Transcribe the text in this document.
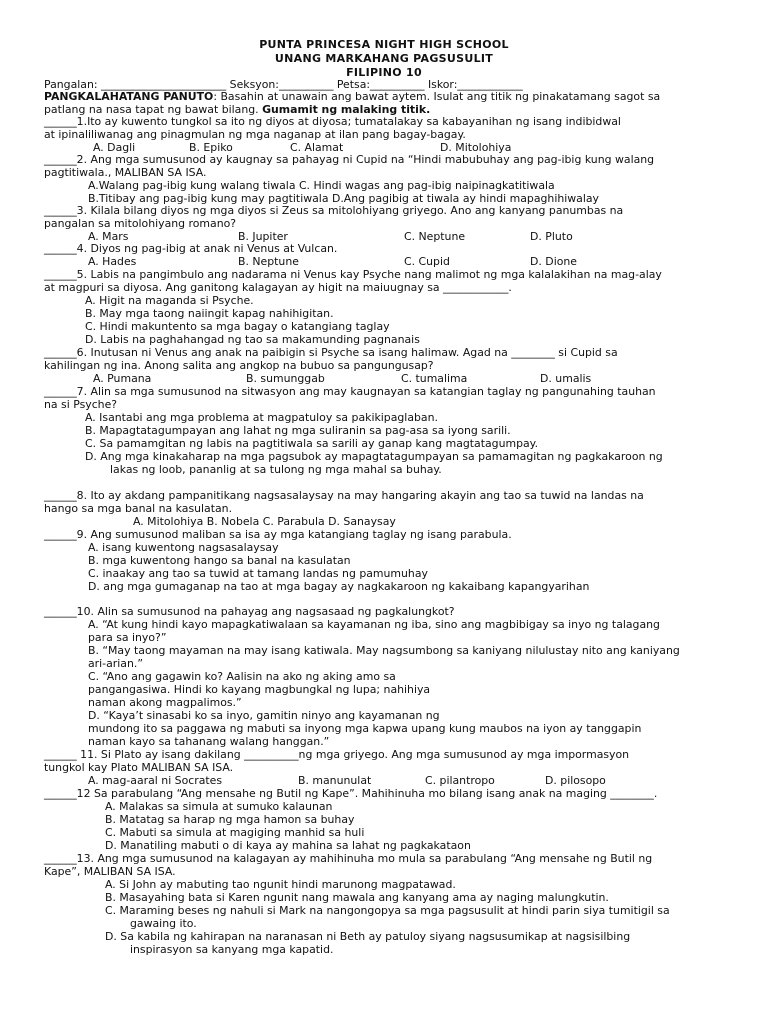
PUNTA PRINCESA NIGHT HIGH SCHOOL
UNANG MARKAHANG PAGSUSULIT
FILIPINO 10
Pangalan: _______________________ Seksyon:__________ Petsa:__________ Iskor:____________
PANGKALAHATANG PANUTO: Basahin at unawain ang bawat aytem. Isulat ang titik ng pinakatamang sagot sa
patlang na nasa tapat ng bawat bilang. Gumamit ng malaking titik.
______1.Ito ay kuwento tungkol sa ito ng diyos at diyosa; tumatalakay sa kabayanihan ng isang indibidwal
at ipinaliliwanag ang pinagmulan ng mga naganap at ilan pang bagay-bagay.
A. Dagli	B. Epiko	C. Alamat	D. Mitolohiya
______2. Ang mga sumusunod ay kaugnay sa pahayag ni Cupid na “Hindi mabubuhay ang pag-ibig kung walang
pagtitiwala., MALIBAN SA ISA.
A.Walang pag-ibig kung walang tiwala C. Hindi wagas ang pag-ibig naipinagkatitiwala
B.Titibay ang pag-ibig kung may pagtitiwala D.Ang pagibig at tiwala ay hindi mapaghihiwalay
______3. Kilala bilang diyos ng mga diyos si Zeus sa mitolohiyang griyego. Ano ang kanyang panumbas na
pangalan sa mitolohiyang romano?
A. Mars	B. Jupiter	C. Neptune	D. Pluto
______4. Diyos ng pag-ibig at anak ni Venus at Vulcan.
A. Hades	B. Neptune	C. Cupid	D. Dione
______5. Labis na pangimbulo ang nadarama ni Venus kay Psyche nang malimot ng mga kalalakihan na mag-alay
at magpuri sa diyosa. Ang ganitong kalagayan ay higit na maiuugnay sa ____________.
A. Higit na maganda si Psyche.
B. May mga taong naiingit kapag nahihigitan.
C. Hindi makuntento sa mga bagay o katangiang taglay
D. Labis na paghahangad ng tao sa makamunding pagnanais
______6. Inutusan ni Venus ang anak na paibigin si Psyche sa isang halimaw. Agad na ________ si Cupid sa
kahilingan ng ina. Anong salita ang angkop na bubuo sa pangungusap?
A. Pumana	B. sumunggab	C. tumalima	D. umalis
______7. Alin sa mga sumusunod na sitwasyon ang may kaugnayan sa katangian taglay ng pangunahing tauhan
na si Psyche?
A. Isantabi ang mga problema at magpatuloy sa pakikipaglaban.
B. Mapagtatagumpayan ang lahat ng mga suliranin sa pag-asa sa iyong sarili.
C. Sa pamamgitan ng labis na pagtitiwala sa sarili ay ganap kang magtatagumpay.
D. Ang mga kinakaharap na mga pagsubok ay mapagtatagumpayan sa pamamagitan ng pagkakaroon ng
lakas ng loob, pananlig at sa tulong ng mga mahal sa buhay.
______8. Ito ay akdang pampanitikang nagsasalaysay na may hangaring akayin ang tao sa tuwid na landas na
hango sa mga banal na kasulatan.
A. Mitolohiya B. Nobela C. Parabula D. Sanaysay
______9. Ang sumusunod maliban sa isa ay mga katangiang taglay ng isang parabula.
A. isang kuwentong nagsasalaysay
B. mga kuwentong hango sa banal na kasulatan
C. inaakay ang tao sa tuwid at tamang landas ng pamumuhay
D. ang mga gumaganap na tao at mga bagay ay nagkakaroon ng kakaibang kapangyarihan
______10. Alin sa sumusunod na pahayag ang nagsasaad ng pagkalungkot?
A. “At kung hindi kayo mapagkatiwalaan sa kayamanan ng iba, sino ang magbibigay sa inyo ng talagang
para sa inyo?”
B. “May taong mayaman na may isang katiwala. May nagsumbong sa kaniyang nilulustay nito ang kaniyang
ari-arian.”
C. “Ano ang gagawin ko? Aalisin na ako ng aking amo sa
pangangasiwa. Hindi ko kayang magbungkal ng lupa; nahihiya
naman akong magpalimos.”
D. “Kaya’t sinasabi ko sa inyo, gamitin ninyo ang kayamanan ng
mundong ito sa paggawa ng mabuti sa inyong mga kapwa upang kung maubos na iyon ay tanggapin
naman kayo sa tahanang walang hanggan.”
______ 11. Si Plato ay isang dakilang __________ng mga griyego. Ang mga sumusunod ay mga impormasyon
tungkol kay Plato MALIBAN SA ISA.
A. mag-aaral ni Socrates	B. manunulat	C. pilantropo	D. pilosopo
______12 Sa parabulang “Ang mensahe ng Butil ng Kape”. Mahihinuha mo bilang isang anak na maging ________.
A. Malakas sa simula at sumuko kalaunan
B. Matatag sa harap ng mga hamon sa buhay
C. Mabuti sa simula at magiging manhid sa huli
D. Manatiling mabuti o di kaya ay mahina sa lahat ng pagkakataon
______13. Ang mga sumusunod na kalagayan ay mahihinuha mo mula sa parabulang “Ang mensahe ng Butil ng
Kape”, MALIBAN SA ISA.
A. Si John ay mabuting tao ngunit hindi marunong magpatawad.
B. Masayahing bata si Karen ngunit nang mawala ang kanyang ama ay naging malungkutin.
C. Maraming beses ng nahuli si Mark na nangongopya sa mga pagsusulit at hindi parin siya tumitigil sa
gawaing ito.
D. Sa kabila ng kahirapan na naranasan ni Beth ay patuloy siyang nagsusumikap at nagsisilbing
inspirasyon sa kanyang mga kapatid.
